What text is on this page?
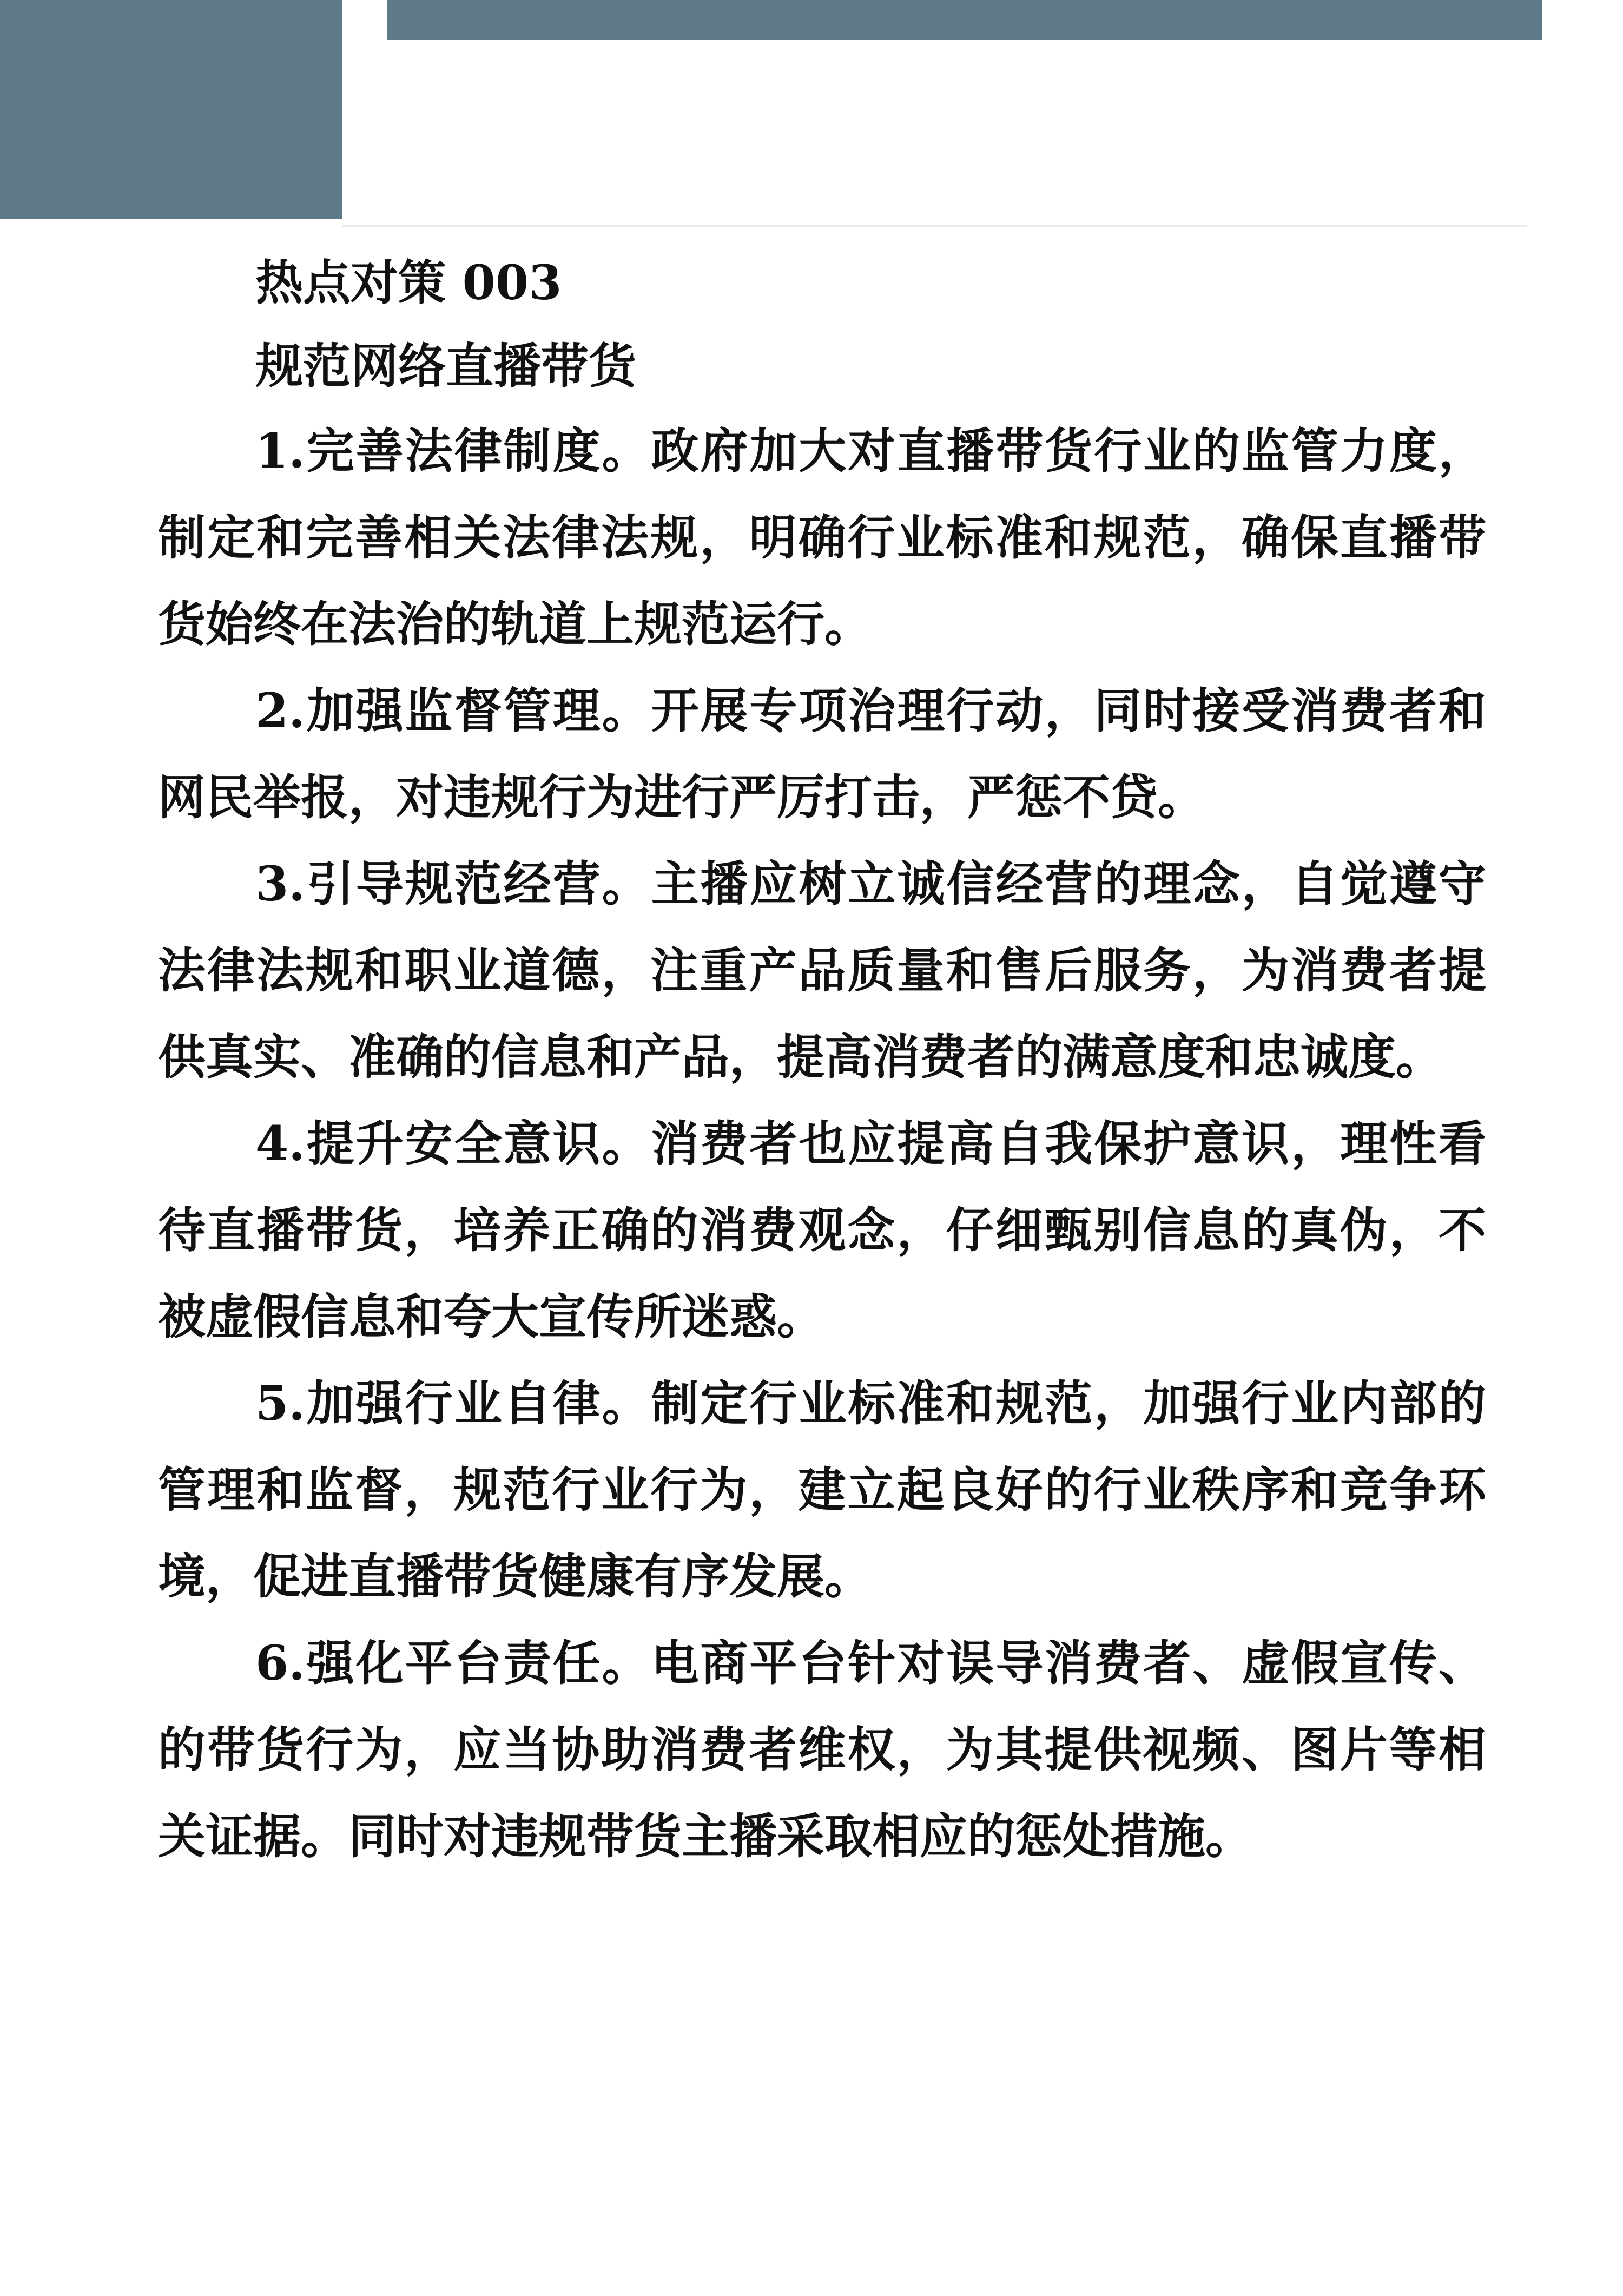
热点对策 003

规范网络直播带货

1.完善法律制度。政府加大对直播带货行业的监管力度，制定和完善相关法律法规，明确行业标准和规范，确保直播带货始终在法治的轨道上规范运行。

2.加强监督管理。开展专项治理行动，同时接受消费者和网民举报，对违规行为进行严厉打击，严惩不贷。

3.引导规范经营。主播应树立诚信经营的理念，自觉遵守法律法规和职业道德，注重产品质量和售后服务，为消费者提供真实、准确的信息和产品，提高消费者的满意度和忠诚度。

4.提升安全意识。消费者也应提高自我保护意识，理性看待直播带货，培养正确的消费观念，仔细甄别信息的真伪，不被虚假信息和夸大宣传所迷惑。

5.加强行业自律。制定行业标准和规范，加强行业内部的管理和监督，规范行业行为，建立起良好的行业秩序和竞争环境，促进直播带货健康有序发展。

6.强化平台责任。电商平台针对误导消费者、虚假宣传、的带货行为，应当协助消费者维权，为其提供视频、图片等相关证据。同时对违规带货主播采取相应的惩处措施。
